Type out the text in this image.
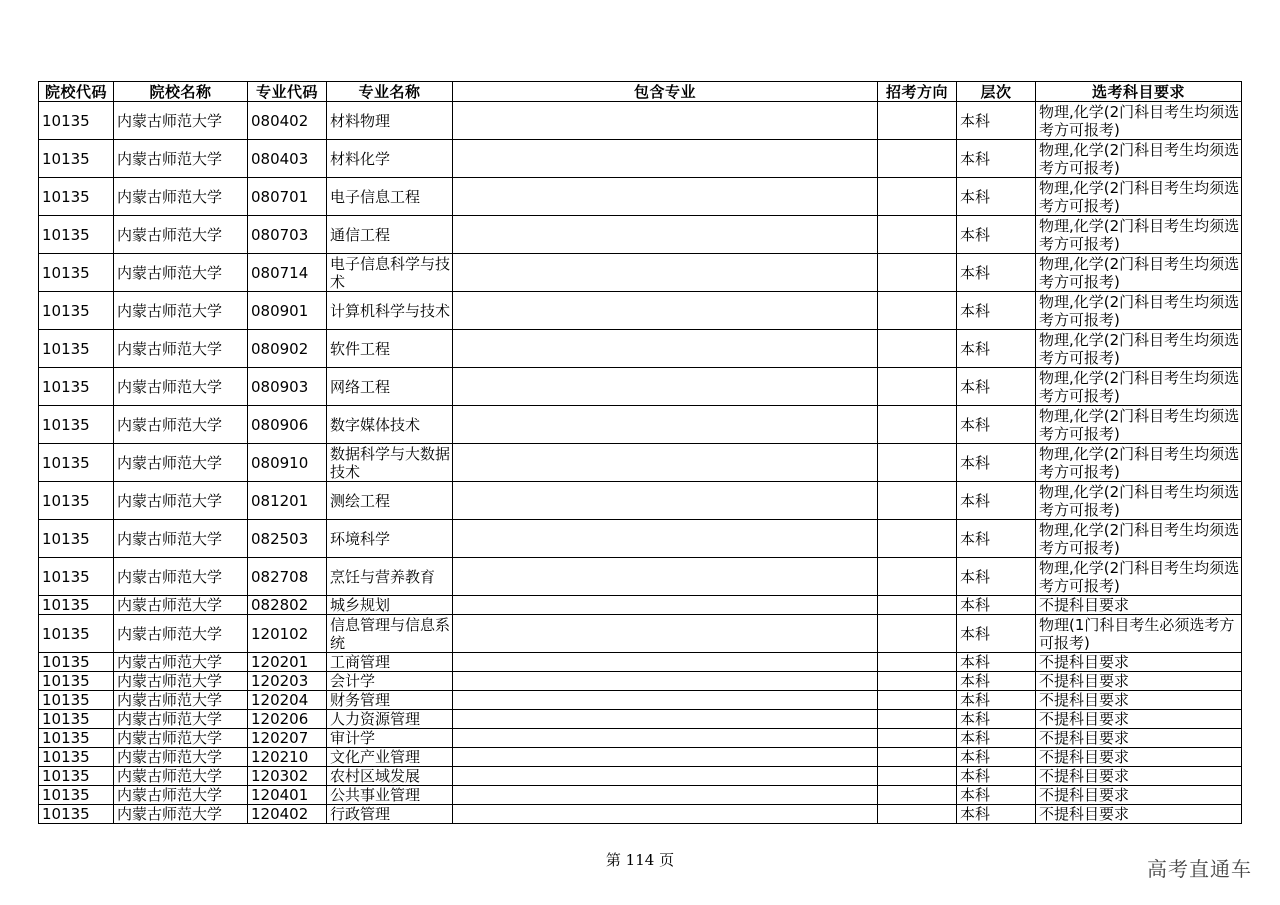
院校代码	院校名称	专业代码	专业名称	包含专业	招考方向	层次	选考科目要求
10135	内蒙古师范大学	080402	材料物理			本科	物理,化学(2门科目考生均须选考方可报考)
10135	内蒙古师范大学	080403	材料化学			本科	物理,化学(2门科目考生均须选考方可报考)
10135	内蒙古师范大学	080701	电子信息工程			本科	物理,化学(2门科目考生均须选考方可报考)
10135	内蒙古师范大学	080703	通信工程			本科	物理,化学(2门科目考生均须选考方可报考)
10135	内蒙古师范大学	080714	电子信息科学与技术			本科	物理,化学(2门科目考生均须选考方可报考)
10135	内蒙古师范大学	080901	计算机科学与技术			本科	物理,化学(2门科目考生均须选考方可报考)
10135	内蒙古师范大学	080902	软件工程			本科	物理,化学(2门科目考生均须选考方可报考)
10135	内蒙古师范大学	080903	网络工程			本科	物理,化学(2门科目考生均须选考方可报考)
10135	内蒙古师范大学	080906	数字媒体技术			本科	物理,化学(2门科目考生均须选考方可报考)
10135	内蒙古师范大学	080910	数据科学与大数据技术			本科	物理,化学(2门科目考生均须选考方可报考)
10135	内蒙古师范大学	081201	测绘工程			本科	物理,化学(2门科目考生均须选考方可报考)
10135	内蒙古师范大学	082503	环境科学			本科	物理,化学(2门科目考生均须选考方可报考)
10135	内蒙古师范大学	082708	烹饪与营养教育			本科	物理,化学(2门科目考生均须选考方可报考)
10135	内蒙古师范大学	082802	城乡规划			本科	不提科目要求
10135	内蒙古师范大学	120102	信息管理与信息系统			本科	物理(1门科目考生必须选考方可报考)
10135	内蒙古师范大学	120201	工商管理			本科	不提科目要求
10135	内蒙古师范大学	120203	会计学			本科	不提科目要求
10135	内蒙古师范大学	120204	财务管理			本科	不提科目要求
10135	内蒙古师范大学	120206	人力资源管理			本科	不提科目要求
10135	内蒙古师范大学	120207	审计学			本科	不提科目要求
10135	内蒙古师范大学	120210	文化产业管理			本科	不提科目要求
10135	内蒙古师范大学	120302	农村区域发展			本科	不提科目要求
10135	内蒙古师范大学	120401	公共事业管理			本科	不提科目要求
10135	内蒙古师范大学	120402	行政管理			本科	不提科目要求
第 114 页	高考直通车
